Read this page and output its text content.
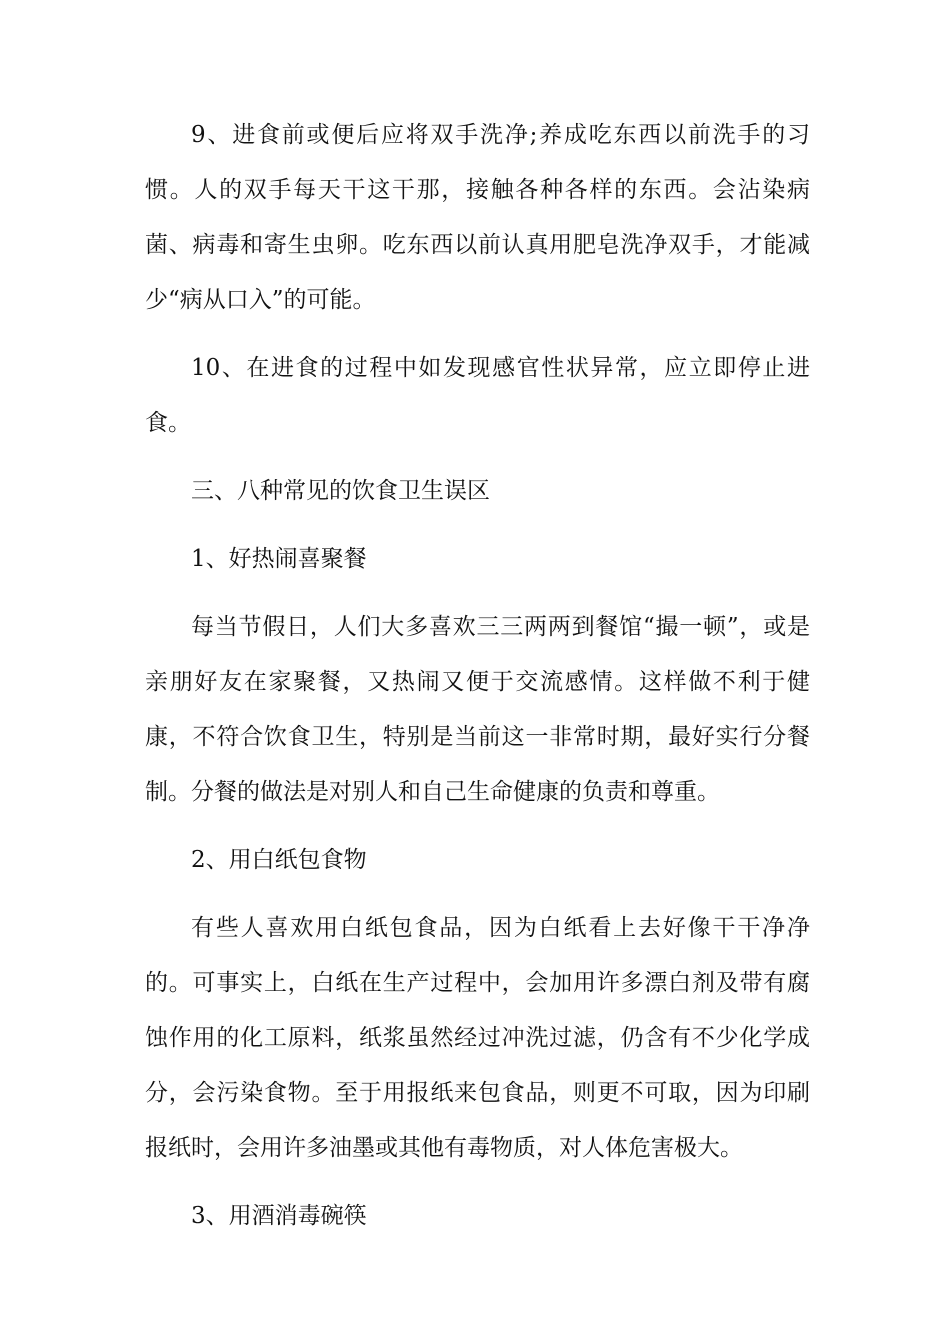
9、进食前或便后应将双手洗净;养成吃东西以前洗手的习惯。人的双手每天干这干那，接触各种各样的东西。会沾染病菌、病毒和寄生虫卵。吃东西以前认真用肥皂洗净双手，才能减少“病从口入”的可能。

10、在进食的过程中如发现感官性状异常，应立即停止进食。

三、八种常见的饮食卫生误区

1、好热闹喜聚餐

每当节假日，人们大多喜欢三三两两到餐馆“撮一顿”，或是亲朋好友在家聚餐，又热闹又便于交流感情。这样做不利于健康，不符合饮食卫生，特别是当前这一非常时期，最好实行分餐制。分餐的做法是对别人和自己生命健康的负责和尊重。

2、用白纸包食物

有些人喜欢用白纸包食品，因为白纸看上去好像干干净净的。可事实上，白纸在生产过程中，会加用许多漂白剂及带有腐蚀作用的化工原料，纸浆虽然经过冲洗过滤，仍含有不少化学成分，会污染食物。至于用报纸来包食品，则更不可取，因为印刷报纸时，会用许多油墨或其他有毒物质，对人体危害极大。

3、用酒消毒碗筷
